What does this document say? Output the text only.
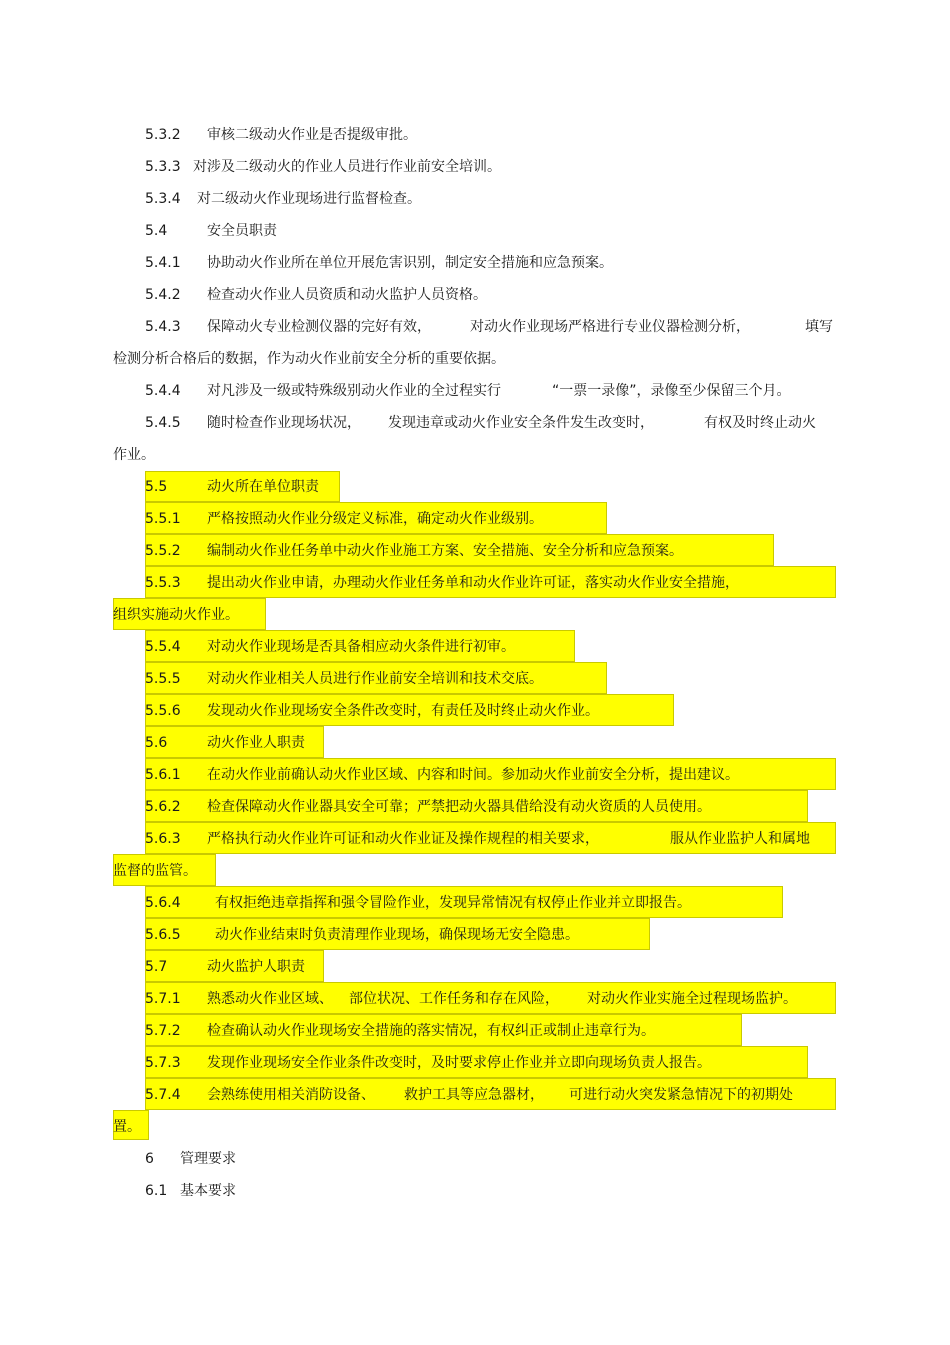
5.3.2 审核二级动火作业是否提级审批。
5.3.3 对涉及二级动火的作业人员进行作业前安全培训。
5.3.4 对二级动火作业现场进行监督检查。
5.4	安全员职责
5.4.1 协助动火作业所在单位开展危害识别，制定安全措施和应急预案。
5.4.2 检查动火作业人员资质和动火监护人员资格。
5.4.3 保障动火专业检测仪器的完好有效，	对动火作业现场严格进行专业仪器检测分析，	填写
检测分析合格后的数据，作为动火作业前安全分析的重要依据。
5.4.4 对凡涉及一级或特殊级别动火作业的全过程实行	“一票一录像”，录像至少保留三个月。
5.4.5 随时检查作业现场状况， 发现违章或动火作业安全条件发生改变时，	有权及时终止动火
作业。
5.5	动火所在单位职责
5.5.1 严格按照动火作业分级定义标准，确定动火作业级别。
5.5.2 编制动火作业任务单中动火作业施工方案、安全措施、安全分析和应急预案。
5.5.3 提出动火作业申请，办理动火作业任务单和动火作业许可证，落实动火作业安全措施，
组织实施动火作业。
5.5.4 对动火作业现场是否具备相应动火条件进行初审。
5.5.5 对动火作业相关人员进行作业前安全培训和技术交底。
5.5.6 发现动火作业现场安全条件改变时，有责任及时终止动火作业。
5.6	动火作业人职责
5.6.1 在动火作业前确认动火作业区域、内容和时间。参加动火作业前安全分析，提出建议。
5.6.2 检查保障动火作业器具安全可靠；严禁把动火器具借给没有动火资质的人员使用。
5.6.3 严格执行动火作业许可证和动火作业证及操作规程的相关要求，	服从作业监护人和属地
监督的监管。
5.6.4 有权拒绝违章指挥和强令冒险作业，发现异常情况有权停止作业并立即报告。
5.6.5 动火作业结束时负责清理作业现场，确保现场无安全隐患。
5.7	动火监护人职责
5.7.1 熟悉动火作业区域、 部位状况、工作任务和存在风险， 对动火作业实施全过程现场监护。
5.7.2 检查确认动火作业现场安全措施的落实情况，有权纠正或制止违章行为。
5.7.3 发现作业现场安全作业条件改变时，及时要求停止作业并立即向现场负责人报告。
5.7.4 会熟练使用相关消防设备、 救护工具等应急器材， 可进行动火突发紧急情况下的初期处
置。
6 管理要求
6.1 基本要求
